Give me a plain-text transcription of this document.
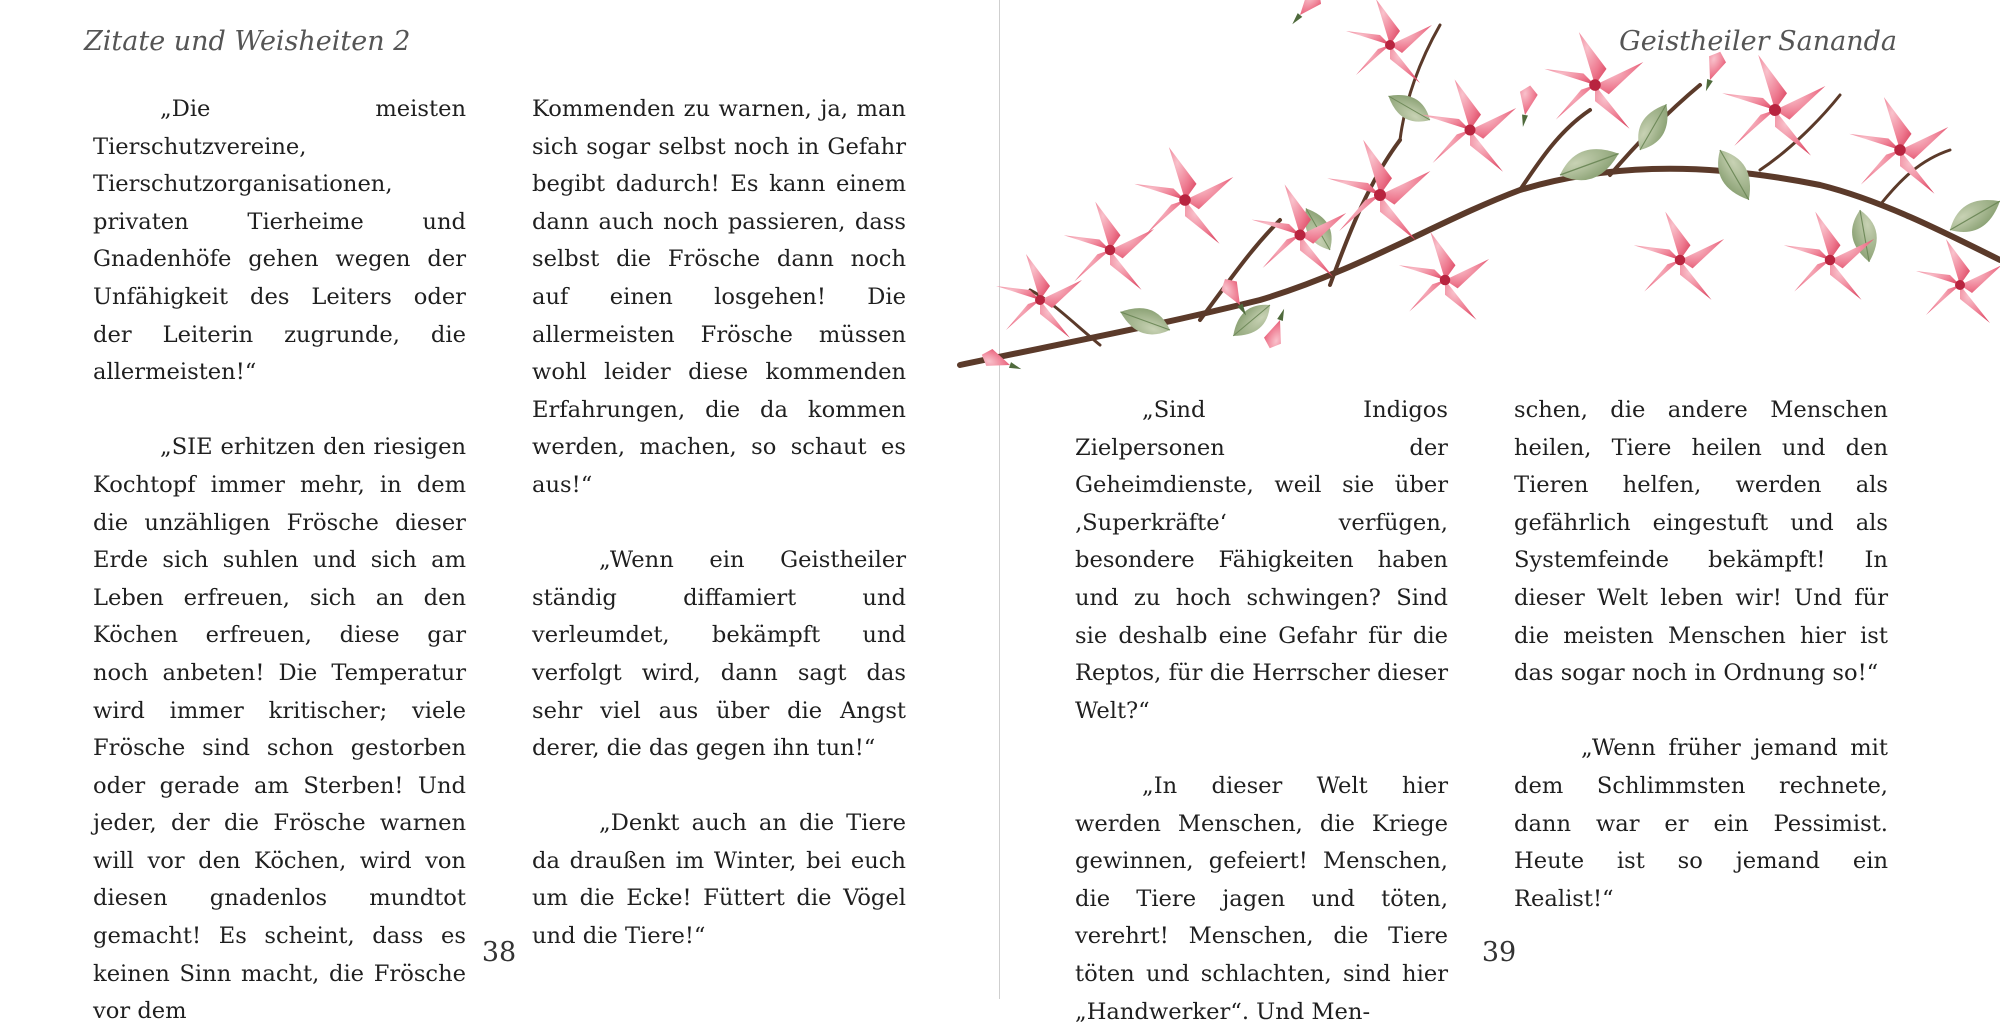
Zitate und Weisheiten 2

„Die meisten Tierschutzvereine, Tierschutzorganisationen, privaten Tierheime und Gnadenhöfe gehen wegen der Unfähigkeit des Leiters oder der Leiterin zugrunde, die allermeisten!“

„SIE erhitzen den riesigen Kochtopf immer mehr, in dem die unzähligen Frösche dieser Erde sich suhlen und sich am Leben erfreuen, sich an den Köchen erfreuen, diese gar noch anbeten! Die Temperatur wird immer kritischer; viele Frösche sind schon gestorben oder gerade am Sterben! Und jeder, der die Frösche warnen will vor den Köchen, wird von diesen gnadenlos mundtot gemacht! Es scheint, dass es keinen Sinn macht, die Frösche vor dem

Kommenden zu warnen, ja, man sich sogar selbst noch in Gefahr begibt dadurch! Es kann einem dann auch noch passieren, dass selbst die Frösche dann noch auf einen losgehen! Die allermeisten Frösche müssen wohl leider diese kommenden Erfahrungen, die da kommen werden, machen, so schaut es aus!“

„Wenn ein Geistheiler ständig diffamiert und verleumdet, bekämpft und verfolgt wird, dann sagt das sehr viel aus über die Angst derer, die das gegen ihn tun!“

„Denkt auch an die Tiere da draußen im Winter, bei euch um die Ecke! Füttert die Vögel und die Tiere!“

38
Geistheiler Sananda

„Sind Indigos Zielpersonen der Geheimdienste, weil sie über ‚Superkräfte‘ verfügen, besondere Fähigkeiten haben und zu hoch schwingen? Sind sie deshalb eine Gefahr für die Reptos, für die Herrscher dieser Welt?“

„In dieser Welt hier werden Menschen, die Kriege gewinnen, gefeiert! Menschen, die Tiere jagen und töten, verehrt! Menschen, die Tiere töten und schlachten, sind hier „Handwerker“. Und Men-

schen, die andere Menschen heilen, Tiere heilen und den Tieren helfen, werden als gefährlich eingestuft und als Systemfeinde bekämpft! In dieser Welt leben wir! Und für die meisten Menschen hier ist das sogar noch in Ordnung so!“

„Wenn früher jemand mit dem Schlimmsten rechnete, dann war er ein Pessimist. Heute ist so jemand ein Realist!“

39
